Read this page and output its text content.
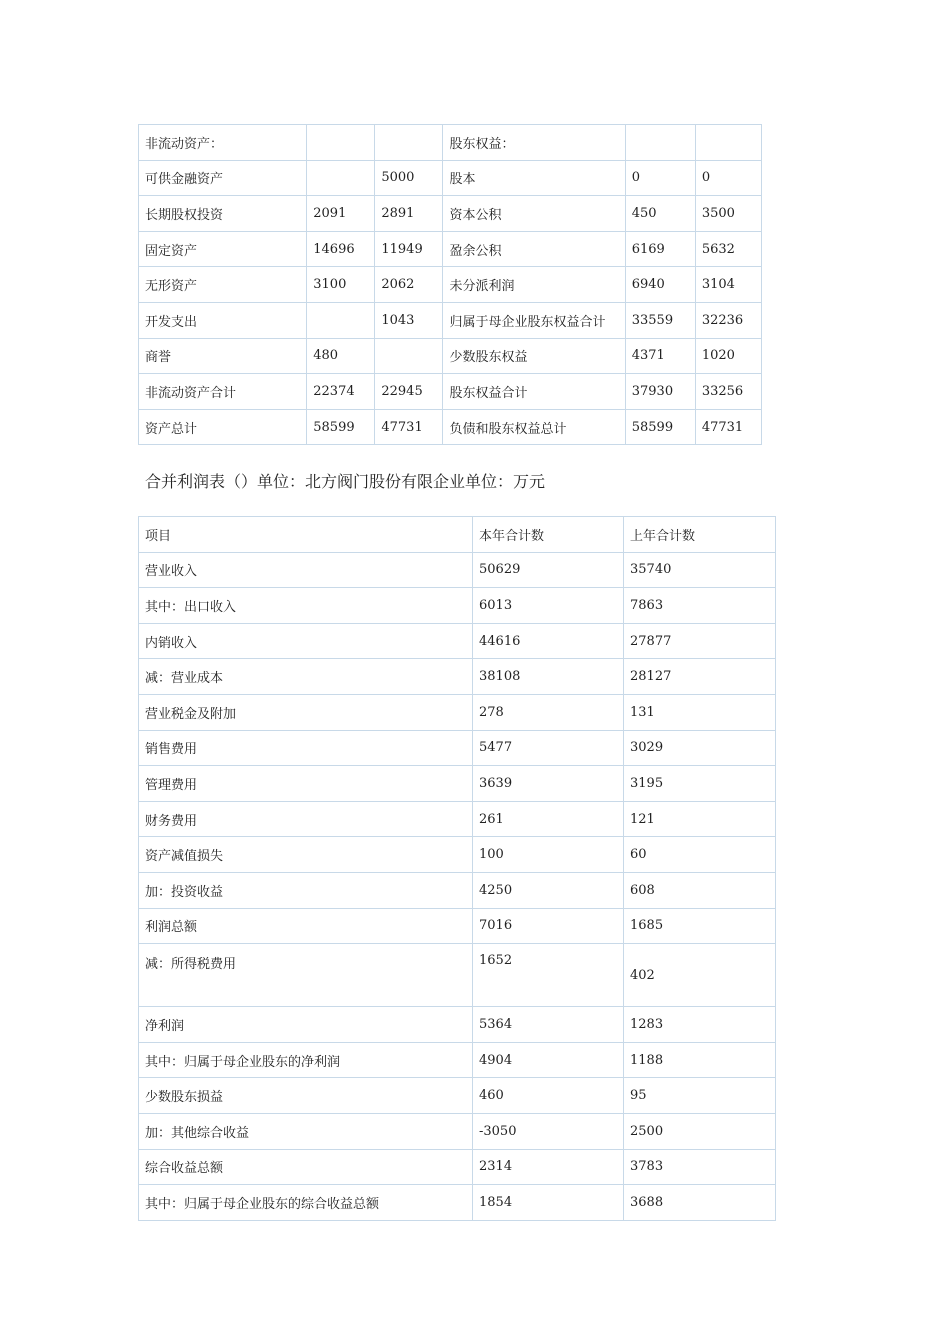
非流动资产：			股东权益：		
可供金融资产		5000	股本	0	0
长期股权投资	2091	2891	资本公积	450	3500
固定资产	14696	11949	盈余公积	6169	5632
无形资产	3100	2062	未分派利润	6940	3104
开发支出		1043	归属于母企业股东权益合计	33559	32236
商誉	480		少数股东权益	4371	1020
非流动资产合计	22374	22945	股东权益合计	37930	33256
资产总计	58599	47731	负债和股东权益总计	58599	47731
合并利润表（）单位：北方阀门股份有限企业单位：万元
项目	本年合计数	上年合计数
营业收入	50629	35740
其中：出口收入	6013	7863
内销收入	44616	27877
减：营业成本	38108	28127
营业税金及附加	278	131
销售费用	5477	3029
管理费用	3639	3195
财务费用	261	121
资产减值损失	100	60
加：投资收益	4250	608
利润总额	7016	1685
减：所得税费用	1652	402
净利润	5364	1283
其中：归属于母企业股东的净利润	4904	1188
少数股东损益	460	95
加：其他综合收益	-3050	2500
综合收益总额	2314	3783
其中：归属于母企业股东的综合收益总额	1854	3688
